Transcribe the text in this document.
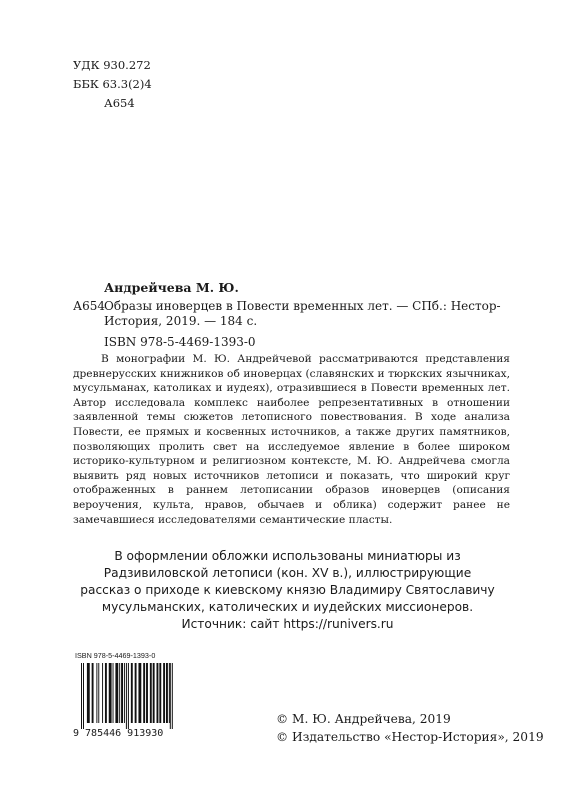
УДК 930.272
ББК 63.3(2)4
А654
Андрейчева М. Ю.
А654 Образы иноверцев в Повести временных лет. — СПб.: Нестор-История, 2019. — 184 с.
ISBN 978-5-4469-1393-0

В монографии М. Ю. Андрейчевой рассматриваются представления древнерусских книжников об иноверцах (славянских и тюркских язычниках, мусульманах, католиках и иудеях), отразившиеся в Повести временных лет. Автор исследовала комплекс наиболее репрезентативных в отношении заявленной темы сюжетов летописного повествования. В ходе анализа Повести, ее прямых и косвенных источников, а также других памятников, позволяющих пролить свет на исследуемое явление в более широком историко-культурном и религиозном контексте, М. Ю. Андрейчева смогла выявить ряд новых источников летописи и показать, что широкий круг отображенных в раннем летописании образов иноверцев (описания вероучения, культа, нравов, обычаев и облика) содержит ранее не замечавшиеся исследователями семантические пласты.

В оформлении обложки использованы миниатюры из Радзивиловской летописи (кон. XV в.), иллюстрирующие рассказ о приходе к киевскому князю Владимиру Святославичу мусульманских, католических и иудейских миссионеров. Источник: сайт https://runivers.ru
ISBN 978-5-4469-1393-0
9 785446 913930
© М. Ю. Андрейчева, 2019
© Издательство «Нестор-История», 2019
